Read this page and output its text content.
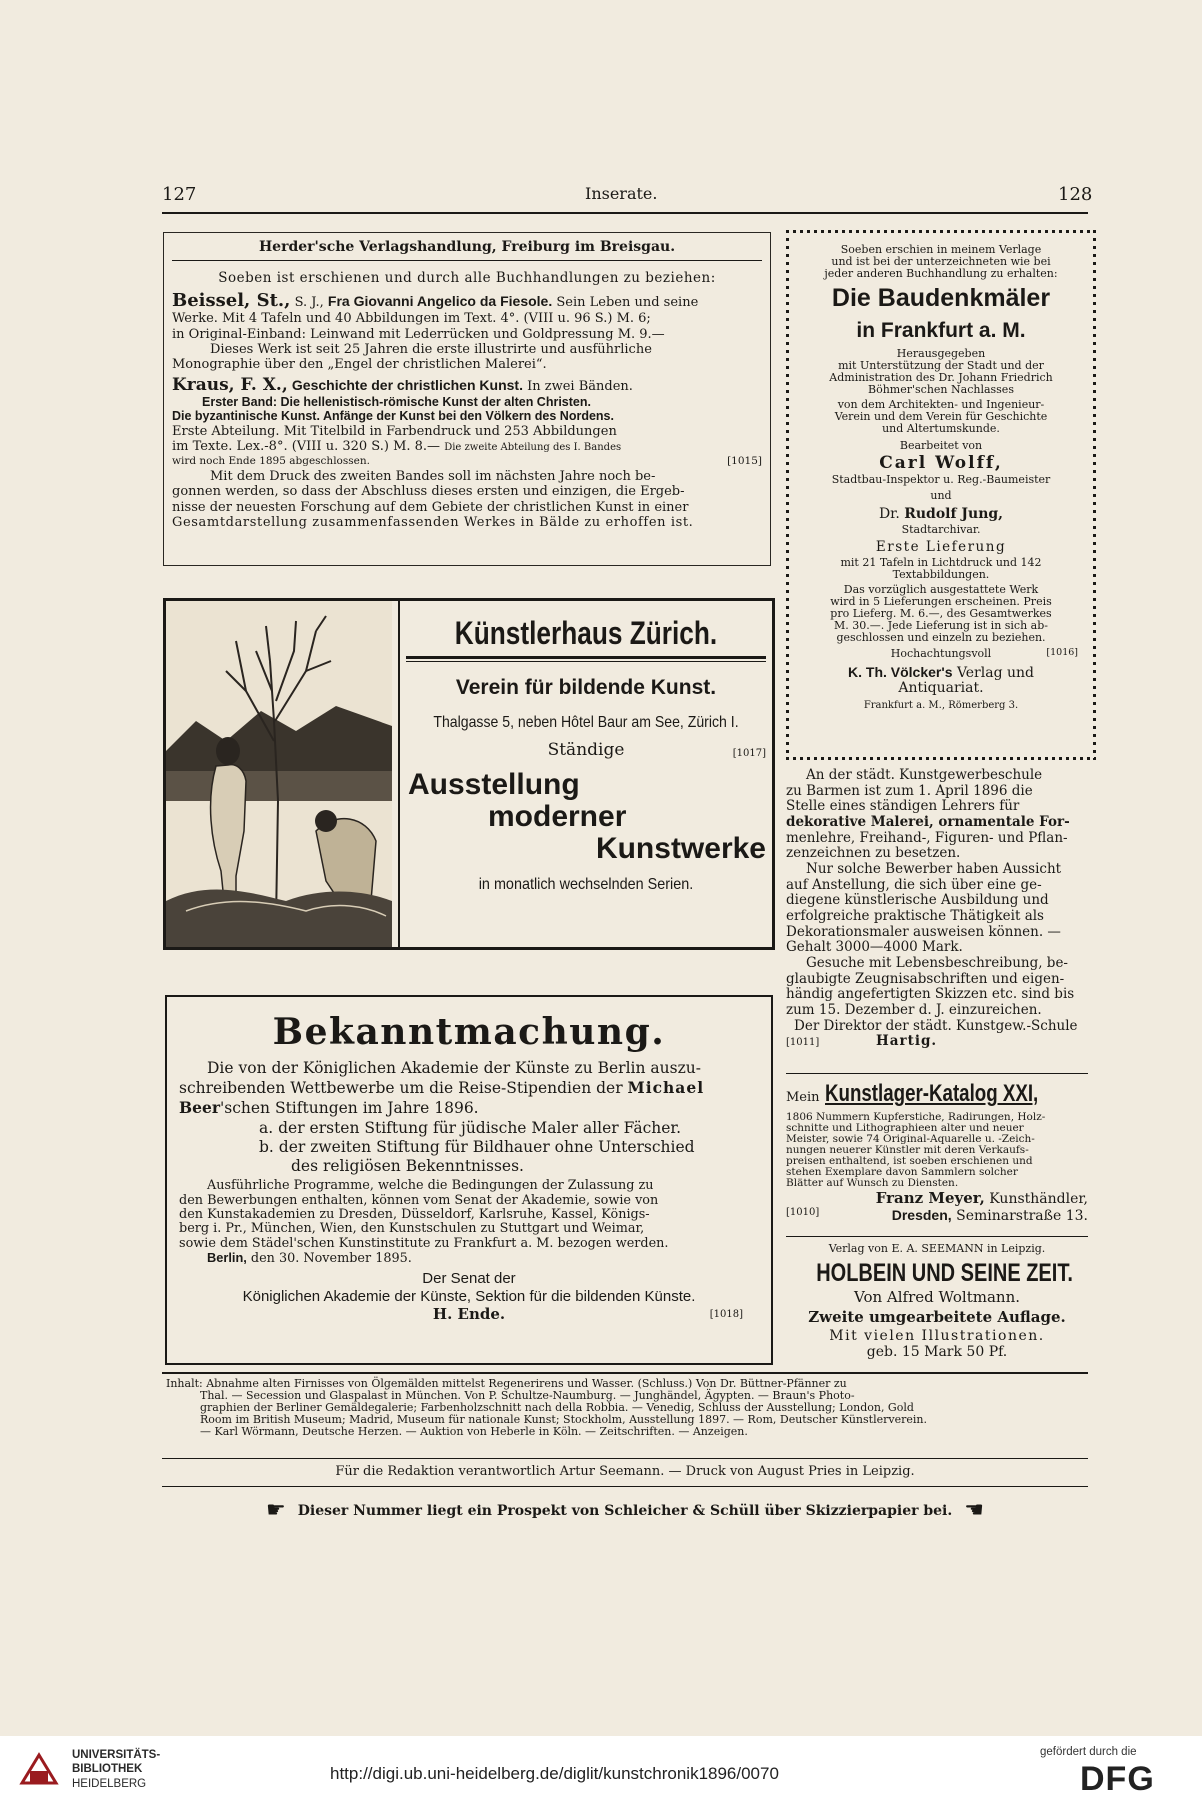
127	Inserate.	128
Herder'sche Verlagshandlung, Freiburg im Breisgau.
Soeben ist erschienen und durch alle Buchhandlungen zu beziehen:
Beissel, St., S. J., Fra Giovanni Angelico da Fiesole. Sein Leben und seine
Werke. Mit 4 Tafeln und 40 Abbildungen im Text. 4°. (VIII u. 96 S.) M. 6;
in Original-Einband: Leinwand mit Lederrücken und Goldpressung M. 9.—
Dieses Werk ist seit 25 Jahren die erste illustrirte und ausführliche
Monographie über den „Engel der christlichen Malerei“.
Kraus, F. X., Geschichte der christlichen Kunst. In zwei Bänden.
Erster Band: Die hellenistisch-römische Kunst der alten Christen.
Die byzantinische Kunst. Anfänge der Kunst bei den Völkern des Nordens.
Erste Abteilung. Mit Titelbild in Farbendruck und 253 Abbildungen
im Texte. Lex.-8°. (VIII u. 320 S.) M. 8.— Die zweite Abteilung des I. Bandes
wird noch Ende 1895 abgeschlossen.	[1015]
Mit dem Druck des zweiten Bandes soll im nächsten Jahre noch be-
gonnen werden, so dass der Abschluss dieses ersten und einzigen, die Ergeb-
nisse der neuesten Forschung auf dem Gebiete der christlichen Kunst in einer
Gesamtdarstellung zusammenfassenden Werkes in Bälde zu erhoffen ist.
Künstlerhaus Zürich.
Verein für bildende Kunst.
Thalgasse 5, neben Hôtel Baur am See, Zürich I.
Ständige	[1017]
Ausstellung
moderner
Kunstwerke
in monatlich wechselnden Serien.
Bekanntmachung.
Die von der Königlichen Akademie der Künste zu Berlin auszu-
schreibenden Wettbewerbe um die Reise-Stipendien der Michael
Beer'schen Stiftungen im Jahre 1896.
a. der ersten Stiftung für jüdische Maler aller Fächer.
b. der zweiten Stiftung für Bildhauer ohne Unterschied
des religiösen Bekenntnisses.
Ausführliche Programme, welche die Bedingungen der Zulassung zu
den Bewerbungen enthalten, können vom Senat der Akademie, sowie von
den Kunstakademien zu Dresden, Düsseldorf, Karlsruhe, Kassel, Königs-
berg i. Pr., München, Wien, den Kunstschulen zu Stuttgart und Weimar,
sowie dem Städel'schen Kunstinstitute zu Frankfurt a. M. bezogen werden.
Berlin, den 30. November 1895.
Der Senat der
Königlichen Akademie der Künste, Sektion für die bildenden Künste.
H. Ende.	[1018]
Soeben erschien in meinem Verlage
und ist bei der unterzeichneten wie bei
jeder anderen Buchhandlung zu erhalten:
Die Baudenkmäler
in Frankfurt a. M.
Herausgegeben
mit Unterstützung der Stadt und der
Administration des Dr. Johann Friedrich
Böhmer'schen Nachlasses
von dem Architekten- und Ingenieur-
Verein und dem Verein für Geschichte
und Altertumskunde.
Bearbeitet von
Carl Wolff,
Stadtbau-Inspektor u. Reg.-Baumeister
und
Dr. Rudolf Jung,
Stadtarchivar.
Erste Lieferung
mit 21 Tafeln in Lichtdruck und 142
Textabbildungen.
Das vorzüglich ausgestattete Werk
wird in 5 Lieferungen erscheinen. Preis
pro Lieferg. M. 6.—, des Gesamtwerkes
M. 30.—. Jede Lieferung ist in sich ab-
geschlossen und einzeln zu beziehen.
Hochachtungsvoll	[1016]
K. Th. Völcker's Verlag und
Antiquariat.
Frankfurt a. M., Römerberg 3.
An der städt. Kunstgewerbeschule
zu Barmen ist zum 1. April 1896 die
Stelle eines ständigen Lehrers für
dekorative Malerei, ornamentale For-
menlehre, Freihand-, Figuren- und Pflan-
zenzeichnen zu besetzen.
Nur solche Bewerber haben Aussicht
auf Anstellung, die sich über eine ge-
diegene künstlerische Ausbildung und
erfolgreiche praktische Thätigkeit als
Dekorationsmaler ausweisen können. —
Gehalt 3000—4000 Mark.
Gesuche mit Lebensbeschreibung, be-
glaubigte Zeugnisabschriften und eigen-
händig angefertigten Skizzen etc. sind bis
zum 15. Dezember d. J. einzureichen.
Der Direktor der städt. Kunstgew.-Schule
[1011]	Hartig.
Mein Kunstlager-Katalog XXI,
1806 Nummern Kupferstiche, Radirungen, Holz-
schnitte und Lithographieen alter und neuer
Meister, sowie 74 Original-Aquarelle u. -Zeich-
nungen neuerer Künstler mit deren Verkaufs-
preisen enthaltend, ist soeben erschienen und
stehen Exemplare davon Sammlern solcher
Blätter auf Wunsch zu Diensten.
Franz Meyer, Kunsthändler,
[1010]	Dresden, Seminarstraße 13.
Verlag von E. A. SEEMANN in Leipzig.
HOLBEIN UND SEINE ZEIT.
Von Alfred Woltmann.
Zweite umgearbeitete Auflage.
Mit vielen Illustrationen.
geb. 15 Mark 50 Pf.
Inhalt: Abnahme alten Firnisses von Ölgemälden mittelst Regenerirens und Wasser. (Schluss.) Von Dr. Büttner-Pfänner zu
Thal. — Secession und Glaspalast in München. Von P. Schultze-Naumburg. — Junghändel, Ägypten. — Braun's Photo-
graphien der Berliner Gemäldegalerie; Farbenholzschnitt nach della Robbia. — Venedig, Schluss der Ausstellung; London, Gold
Room im British Museum; Madrid, Museum für nationale Kunst; Stockholm, Ausstellung 1897. — Rom, Deutscher Künstlerverein.
— Karl Wörmann, Deutsche Herzen. — Auktion von Heberle in Köln. — Zeitschriften. — Anzeigen.
Für die Redaktion verantwortlich Artur Seemann. — Druck von August Pries in Leipzig.
☛ Dieser Nummer liegt ein Prospekt von Schleicher & Schüll über Skizzierpapier bei. ☚
UNIVERSITÄTS-
BIBLIOTHEK
HEIDELBERG
http://digi.ub.uni-heidelberg.de/diglit/kunstchronik1896/0070
gefördert durch die
DFG
